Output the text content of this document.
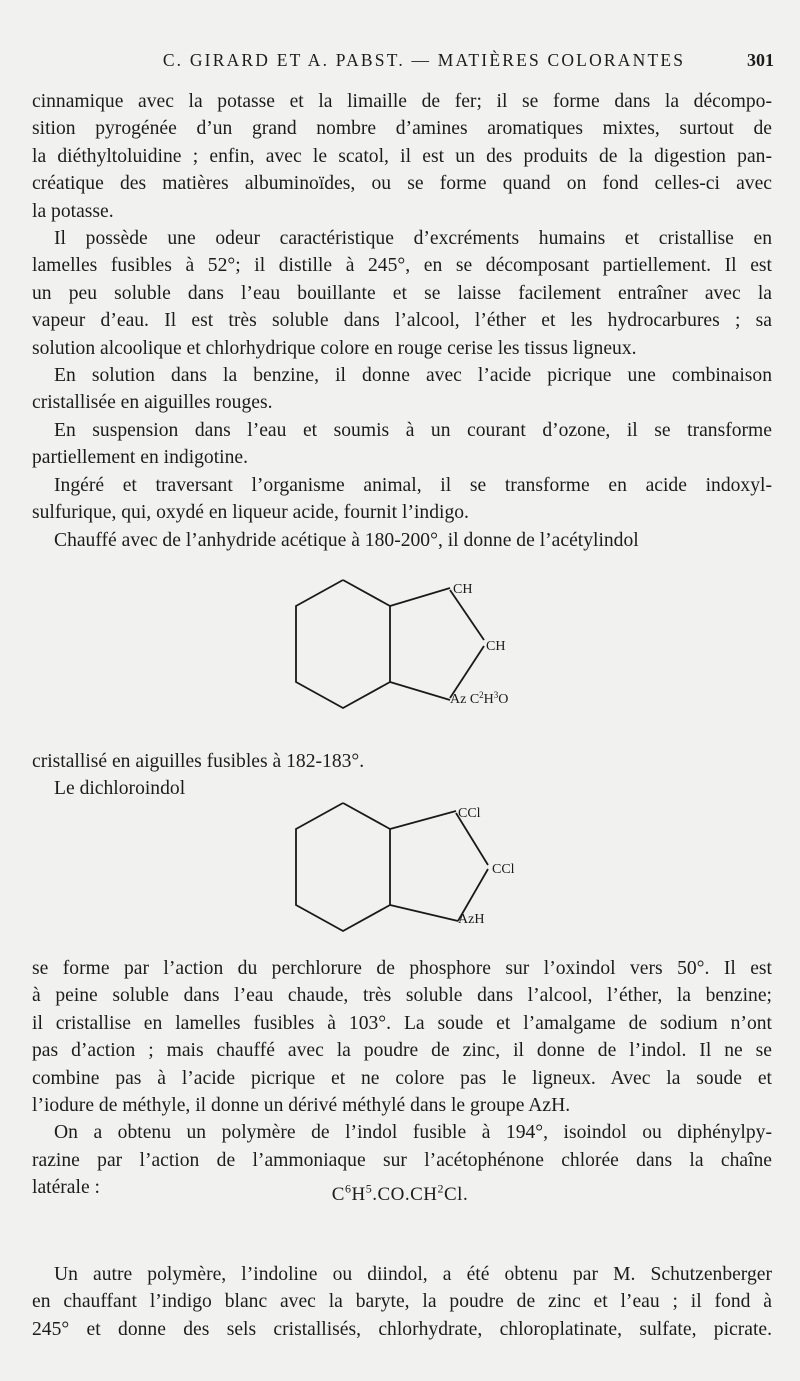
C. GIRARD ET A. PABST. — MATIÈRES COLORANTES	301
cinnamique avec la potasse et la limaille de fer; il se forme dans la décompo-
sition pyrogénée d’un grand nombre d’amines aromatiques mixtes, surtout de
la diéthyltoluidine ; enfin, avec le scatol, il est un des produits de la digestion pan-
créatique des matières albuminoïdes, ou se forme quand on fond celles-ci avec
la potasse.
Il possède une odeur caractéristique d’excréments humains et cristallise en
lamelles fusibles à 52°; il distille à 245°, en se décomposant partiellement. Il est
un peu soluble dans l’eau bouillante et se laisse facilement entraîner avec la
vapeur d’eau. Il est très soluble dans l’alcool, l’éther et les hydrocarbures ; sa
solution alcoolique et chlorhydrique colore en rouge cerise les tissus ligneux.
En solution dans la benzine, il donne avec l’acide picrique une combinaison
cristallisée en aiguilles rouges.
En suspension dans l’eau et soumis à un courant d’ozone, il se transforme
partiellement en indigotine.
Ingéré et traversant l’organisme animal, il se transforme en acide indoxyl-
sulfurique, qui, oxydé en liqueur acide, fournit l’indigo.
Chauffé avec de l’anhydride acétique à 180-200°, il donne de l’acétylindol
CH
CH
Az $C^2H^3O$
cristallisé en aiguilles fusibles à 182-183°.
Le dichloroindol
CCl
CCl
AzH
se forme par l’action du perchlorure de phosphore sur l’oxindol vers 50°. Il est
à peine soluble dans l’eau chaude, très soluble dans l’alcool, l’éther, la benzine;
il cristallise en lamelles fusibles à 103°. La soude et l’amalgame de sodium n’ont
pas d’action ; mais chauffé avec la poudre de zinc, il donne de l’indol. Il ne se
combine pas à l’acide picrique et ne colore pas le ligneux. Avec la soude et
l’iodure de méthyle, il donne un dérivé méthylé dans le groupe AzH.
On a obtenu un polymère de l’indol fusible à 194°, isoindol ou diphénylpy-
razine par l’action de l’ammoniaque sur l’acétophénone chlorée dans la chaîne
latérale :	$C^6H^5.CO.CH^2Cl$.
Un autre polymère, l’indoline ou diindol, a été obtenu par M. Schutzenberger
en chauffant l’indigo blanc avec la baryte, la poudre de zinc et l’eau ; il fond à
245° et donne des sels cristallisés, chlorhydrate, chloroplatinate, sulfate, picrate.
